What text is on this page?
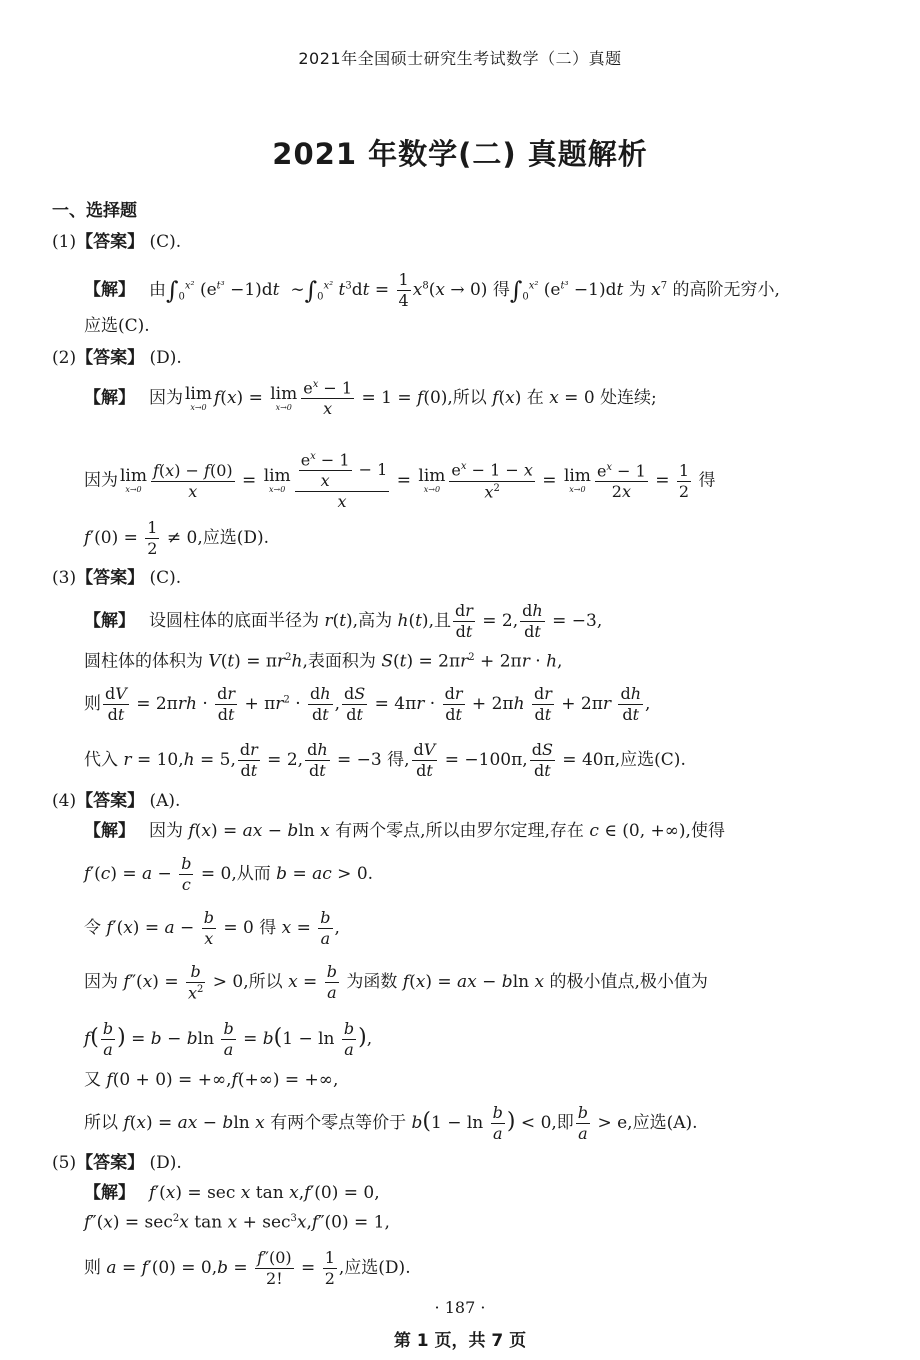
2021年全国硕士研究生考试数学（二）真题
2021 年数学(二) 真题解析
一、选择题
(1)【答案】 (C).
【解】 由$\int_0^{x^2}$ $(e^{t^3} -1)dt$ $\sim\int_0^{x^2}$ $t^3dt = \frac{1}{4} x^8(x \to 0)$ 得$\int_0^{x^2}$ $(e^{t^3} -1)dt$ 为 $x^7$ 的高阶无穷小,
应选(C).
(2)【答案】 (D).
【解】 因为 lim
x→0 f(x) = lim
$x\to 0 \frac{e^x - 1}{x} = 1 = f(0)$,所以 f(x) 在 x = 0 处连续;
因为 lim
$x\to 0 \frac{f(x) - f(0)}{x} = \lim$
$x\to 0 \frac{\frac{e^x - 1}{x} - 1}{x} = \lim$
$x\to 0 \frac{e^x - 1 - x}{x^2} = \lim$
$x\to 0 \frac{e^x - 1}{2x} = \frac{1}{2}$ 得
$f'(0) = \frac{1}{2} \ne 0$,应选(D).
(3)【答案】 (C).
【解】 设圆柱体的底面半径为 r(t),高为 h(t),且 $\frac{dr}{dt} = 2$, $\frac{dh}{dt} = -3$,
圆柱体的体积为 $V(t) = \pi r^2h$,表面积为 $S(t) = 2\pi r^2 + 2\pi r \cdot h$,
则 $\frac{dV}{dt} = 2\pi rh \cdot \frac{dr}{dt} + \pi r^2 \cdot \frac{dh}{dt}$ , $\frac{dS}{dt} = 4\pi r \cdot \frac{dr}{dt} + 2\pi h \frac{dr}{dt} + 2\pi r \frac{dh}{dt}$ ,
代入 r = 10,h = 5, $\frac{dr}{dt} = 2$, $\frac{dh}{dt} = -3$ 得, $\frac{dV}{dt} = -100\pi$, $\frac{dS}{dt} = 40\pi$,应选(C).
(4)【答案】 (A).
【解】 因为 f(x) = ax − bln x 有两个零点,所以由罗尔定理,存在 c ∈ (0, +∞),使得
$f'(c) = a - \frac{b}{c} = 0$,从而 b = ac > 0.
令 $f'(x) = a - \frac{b}{x} = 0$ 得 $x = \frac{b}{a}$ ,
因为 $f''(x) = \frac{b}{x^2} > 0$,所以 $x = \frac{b}{a}$ 为函数 f(x) = ax − bln x 的极小值点,极小值为
$f( \frac{b}{a}$ ) = b − bln $\frac{b}{a} = b(1 - \ln \frac{b}{a}$ ),
又 f(0 + 0) = +∞,f(+∞) = +∞,
所以 f(x) = ax − bln x 有两个零点等价于 $b(1 - \ln \frac{b}{a}$ ) < 0,即 $\frac{b}{a} > e$,应选(A).
(5)【答案】 (D).
【解】 f′(x) = sec x tan x,f′(0) = 0,
$f''(x) = \sec^2x$ $\tan x + \sec^3x,f''(0) = 1$,
则 $a = f'(0) = 0,b = \frac{f''(0)}{2!} = \frac{1}{2}$ ,应选(D).
· 187 ·
第 1 页，共 7 页
